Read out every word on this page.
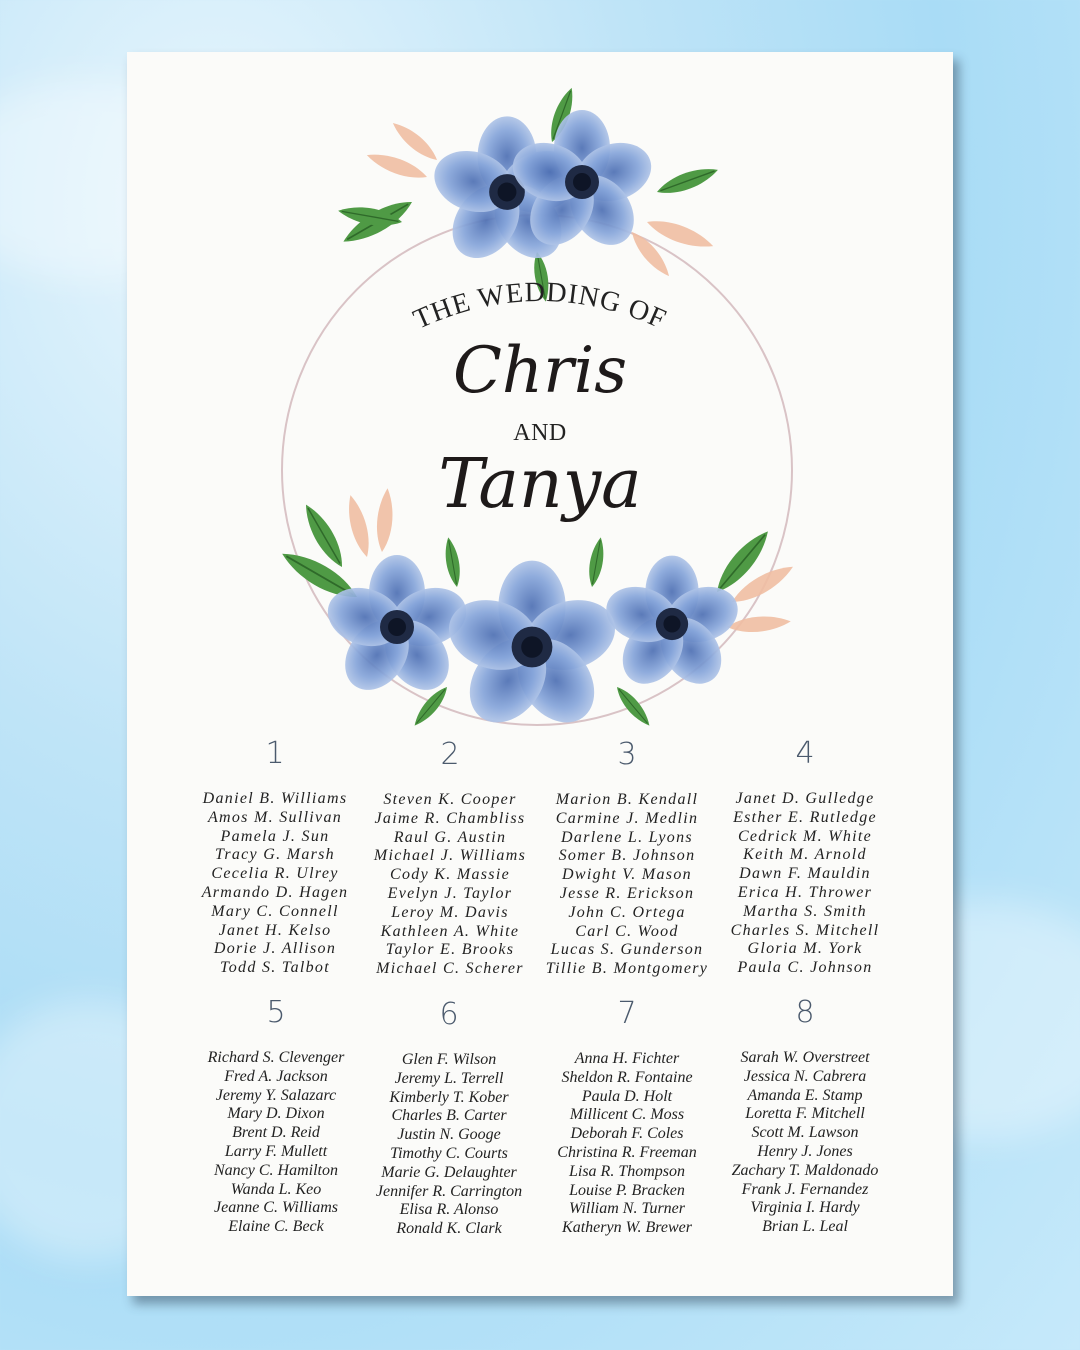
THE WEDDING OF
Chris
AND
Tanya
1
Daniel B. Williams
Amos M. Sullivan
Pamela J. Sun
Tracy G. Marsh
Cecelia R. Ulrey
Armando D. Hagen
Mary C. Connell
Janet H. Kelso
Dorie J. Allison
Todd S. Talbot
2
Steven K. Cooper
Jaime R. Chambliss
Raul G. Austin
Michael J. Williams
Cody K. Massie
Evelyn J. Taylor
Leroy M. Davis
Kathleen A. White
Taylor E. Brooks
Michael C. Scherer
3
Marion B. Kendall
Carmine J. Medlin
Darlene L. Lyons
Somer B. Johnson
Dwight V. Mason
Jesse R. Erickson
John C. Ortega
Carl C. Wood
Lucas S. Gunderson
Tillie B. Montgomery
4
Janet D. Gulledge
Esther E. Rutledge
Cedrick M. White
Keith M. Arnold
Dawn F. Mauldin
Erica H. Thrower
Martha S. Smith
Charles S. Mitchell
Gloria M. York
Paula C. Johnson
5
Richard S. Clevenger
Fred A. Jackson
Jeremy Y. Salazarc
Mary D. Dixon
Brent D. Reid
Larry F. Mullett
Nancy C. Hamilton
Wanda L. Keo
Jeanne C. Williams
Elaine C. Beck
6
Glen F. Wilson
Jeremy L. Terrell
Kimberly T. Kober
Charles B. Carter
Justin N. Googe
Timothy C. Courts
Marie G. Delaughter
Jennifer R. Carrington
Elisa R. Alonso
Ronald K. Clark
7
Anna H. Fichter
Sheldon R. Fontaine
Paula D. Holt
Millicent C. Moss
Deborah F. Coles
Christina R. Freeman
Lisa R. Thompson
Louise P. Bracken
William N. Turner
Katheryn W. Brewer
8
Sarah W. Overstreet
Jessica N. Cabrera
Amanda E. Stamp
Loretta F. Mitchell
Scott M. Lawson
Henry J. Jones
Zachary T. Maldonado
Frank J. Fernandez
Virginia I. Hardy
Brian L. Leal
